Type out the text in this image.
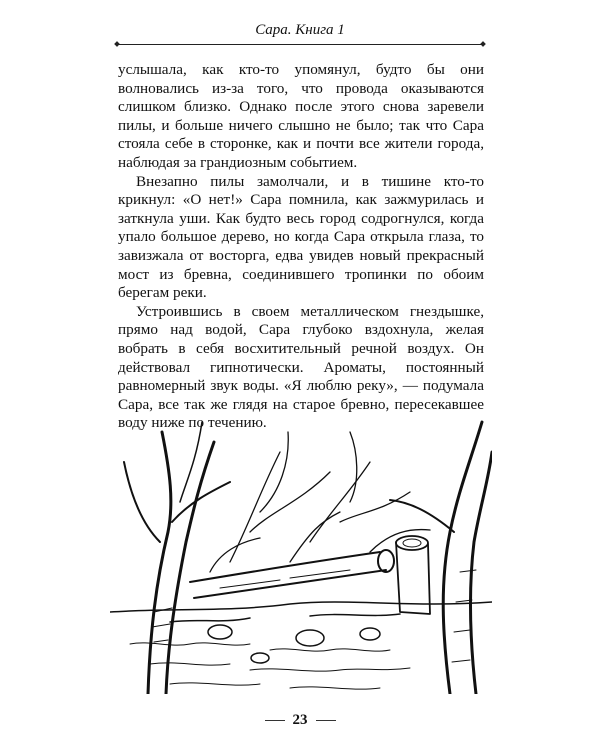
Сара. Книга 1

услышала, как кто-то упомянул, будто бы они волновались из-за того, что провода оказываются слишком близко. Однако после этого снова заревели пилы, и больше ничего слышно не было; так что Сара стояла себе в сторонке, как и почти все жители города, наблюдая за грандиозным событием.

Внезапно пилы замолчали, и в тишине кто-то крикнул: «О нет!» Сара помнила, как зажмурилась и заткнула уши. Как будто весь город содрогнулся, когда упало большое дерево, но когда Сара открыла глаза, то завизжала от восторга, едва увидев новый прекрасный мост из бревна, соединившего тропинки по обоим берегам реки.

Устроившись в своем металлическом гнездышке, прямо над водой, Сара глубоко вздохнула, желая вобрать в себя восхитительный речной воздух. Он действовал гипнотически. Ароматы, постоянный равномерный звук воды. «Я люблю реку», — подумала Сара, все так же глядя на старое бревно, пересекавшее воду ниже по течению.

23
